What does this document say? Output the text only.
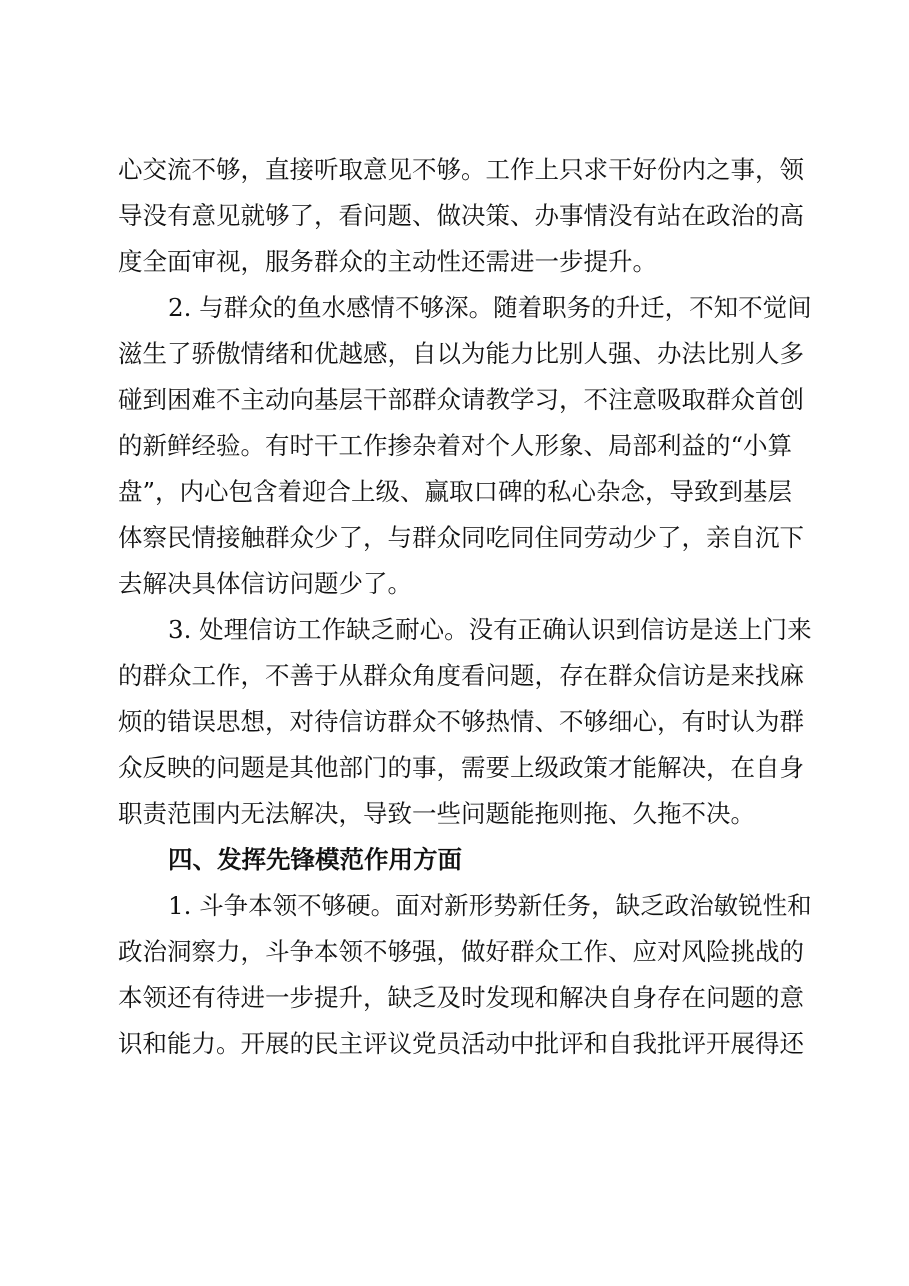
心交流不够，直接听取意见不够。工作上只求干好份内之事，领
导没有意见就够了，看问题、做决策、办事情没有站在政治的高
度全面审视，服务群众的主动性还需进一步提升。
2. 与群众的鱼水感情不够深。随着职务的升迁，不知不觉间
滋生了骄傲情绪和优越感，自以为能力比别人强、办法比别人多
碰到困难不主动向基层干部群众请教学习，不注意吸取群众首创
的新鲜经验。有时干工作掺杂着对个人形象、局部利益的“小算
盘”，内心包含着迎合上级、赢取口碑的私心杂念，导致到基层
体察民情接触群众少了，与群众同吃同住同劳动少了，亲自沉下
去解决具体信访问题少了。
3. 处理信访工作缺乏耐心。没有正确认识到信访是送上门来
的群众工作，不善于从群众角度看问题，存在群众信访是来找麻
烦的错误思想，对待信访群众不够热情、不够细心，有时认为群
众反映的问题是其他部门的事，需要上级政策才能解决，在自身
职责范围内无法解决，导致一些问题能拖则拖、久拖不决。
四、发挥先锋模范作用方面
1. 斗争本领不够硬。面对新形势新任务，缺乏政治敏锐性和
政治洞察力，斗争本领不够强，做好群众工作、应对风险挑战的
本领还有待进一步提升，缺乏及时发现和解决自身存在问题的意
识和能力。开展的民主评议党员活动中批评和自我批评开展得还
